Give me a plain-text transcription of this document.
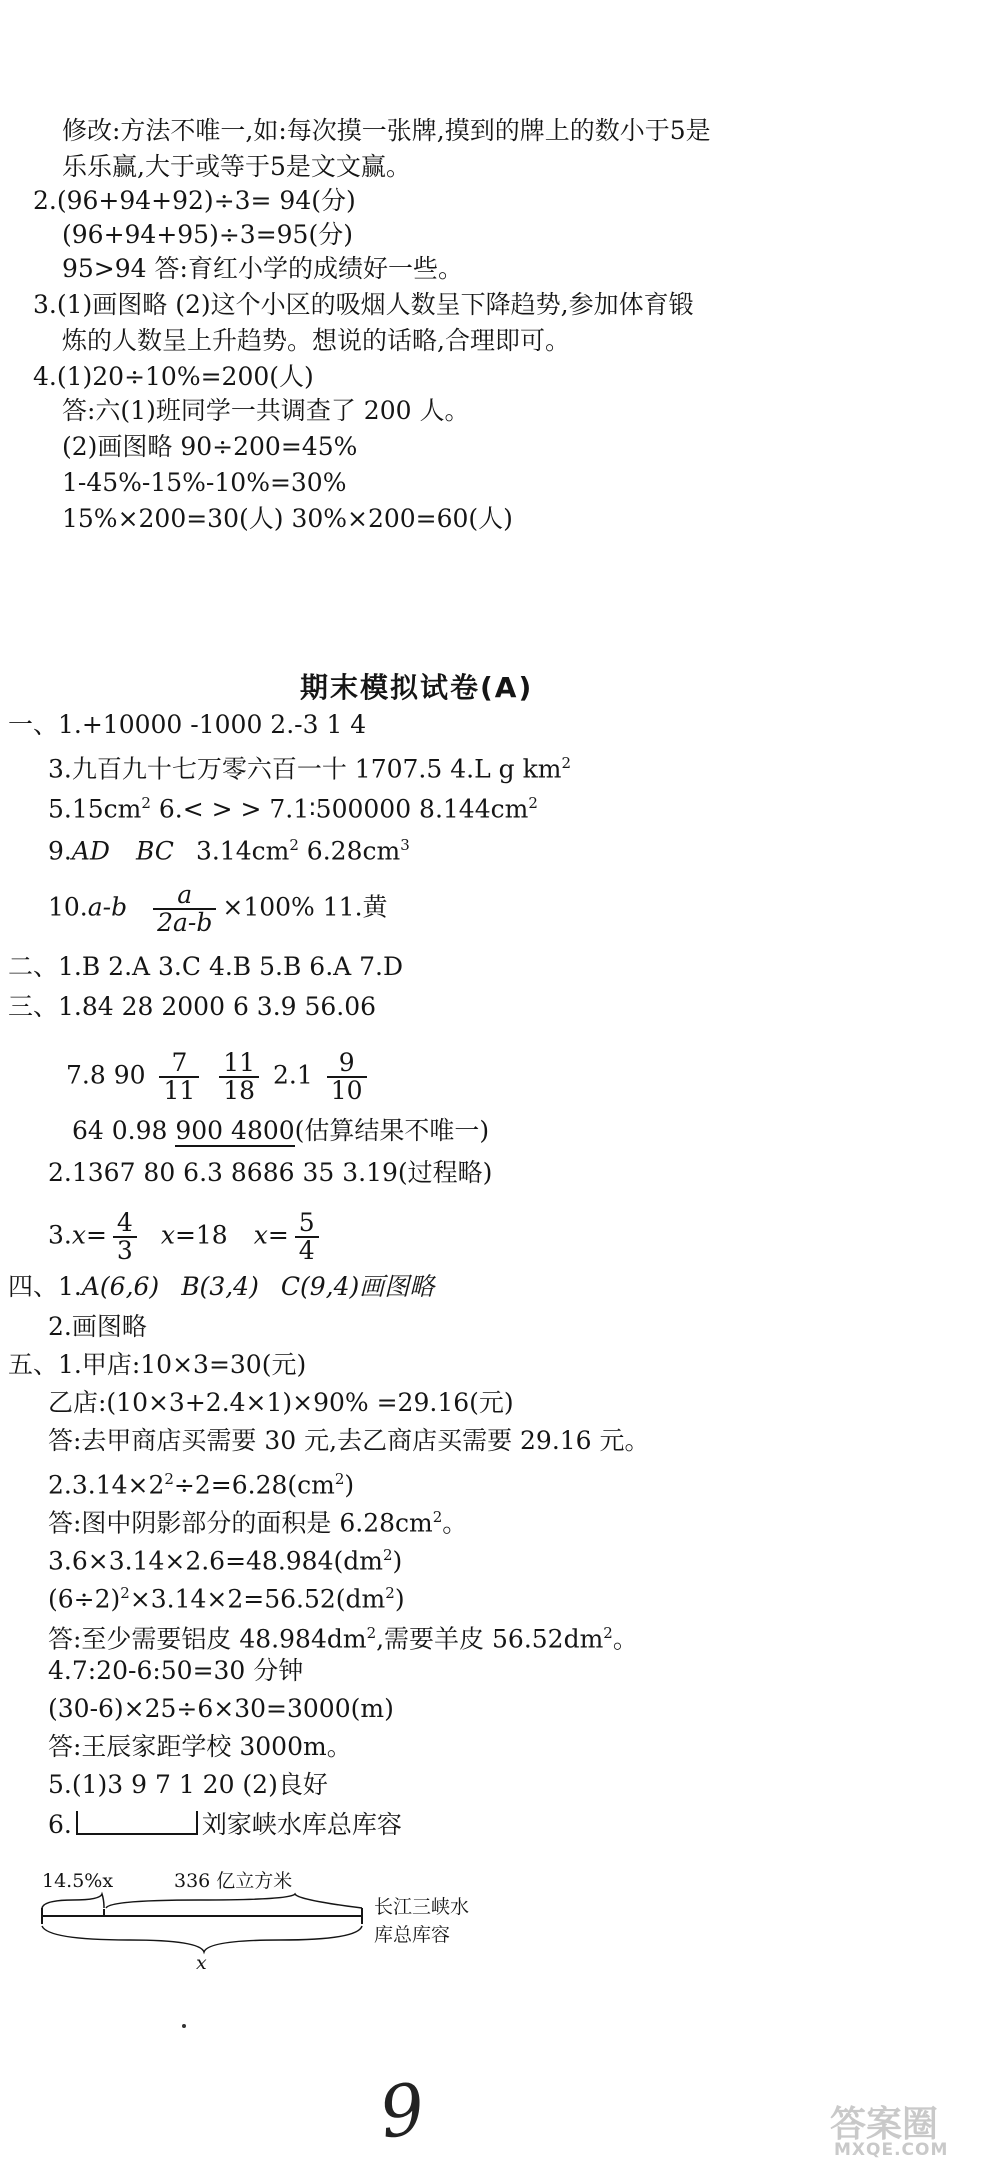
修改:方法不唯一,如:每次摸一张牌,摸到的牌上的数小于5是
乐乐赢,大于或等于5是文文赢。
2.(96+94+92)÷3= 94(分)
(96+94+95)÷3=95(分)
95>94 答:育红小学的成绩好一些。
3.(1)画图略 (2)这个小区的吸烟人数呈下降趋势,参加体育锻
炼的人数呈上升趋势。想说的话略,合理即可。
4.(1)20÷10%=200(人)
答:六(1)班同学一共调查了 200 人。
(2)画图略 90÷200=45%
1-45%-15%-10%=30%
15%×200=30(人) 30%×200=60(人)
期末模拟试卷(A)
一、1.+10000 -1000 2.-3 1 4
3.九百九十七万零六百一十 1707.5 4.L g $km^2$
$5.15cm^2$ 6.< > > 7.1∶500000 $8.144cm^2$
9.AD BC $3.14cm^2$ $6.28cm^3$
$10.a-b \frac{a}{2a-b} \times 100\%$ 11.黄
二、1.B 2.A 3.C 4.B 5.B 6.A 7.D
三、1.84 28 2000 6 3.9 56.06
7.8 $90 \frac{7}{11}$
$\frac{11}{18} 2.1 \frac{9}{10}$
64 0.98 900 4800(估算结果不唯一)
2.1367 80 6.3 8686 35 3.19(过程略)
$3.x= \frac{4}{3} x=18$ $x= \frac{5}{4}$
四、1.A(6,6) B(3,4) C(9,4)画图略
2.画图略
五、1.甲店:10×3=30(元)
乙店:(10×3+2.4×1)×90% =29.16(元)
答:去甲商店买需要 30 元,去乙商店买需要 29.16 元。
$2.3.14\times 2^2\div 2=6.28(cm^2)$
答:图中阴影部分的面积是 $6.28cm^2$。
$3.6\times 3.14\times 2.6=48.984(dm^2)$
$(6\div 2)^2\times 3.14\times 2=56.52(dm^2)$
答:至少需要铝皮 $48.984dm^2$,需要羊皮 $56.52dm^2$。
4.7:20-6:50=30 分钟
(30-6)×25÷6×30=3000(m)
答:王辰家距学校 3000m。
5.(1)3 9 7 1 20 (2)良好
6.	刘家峡水库总库容
14.5%x	336 亿立方米
x
长江三峡水
库总库容
9	答案圈
MXQE.COM
